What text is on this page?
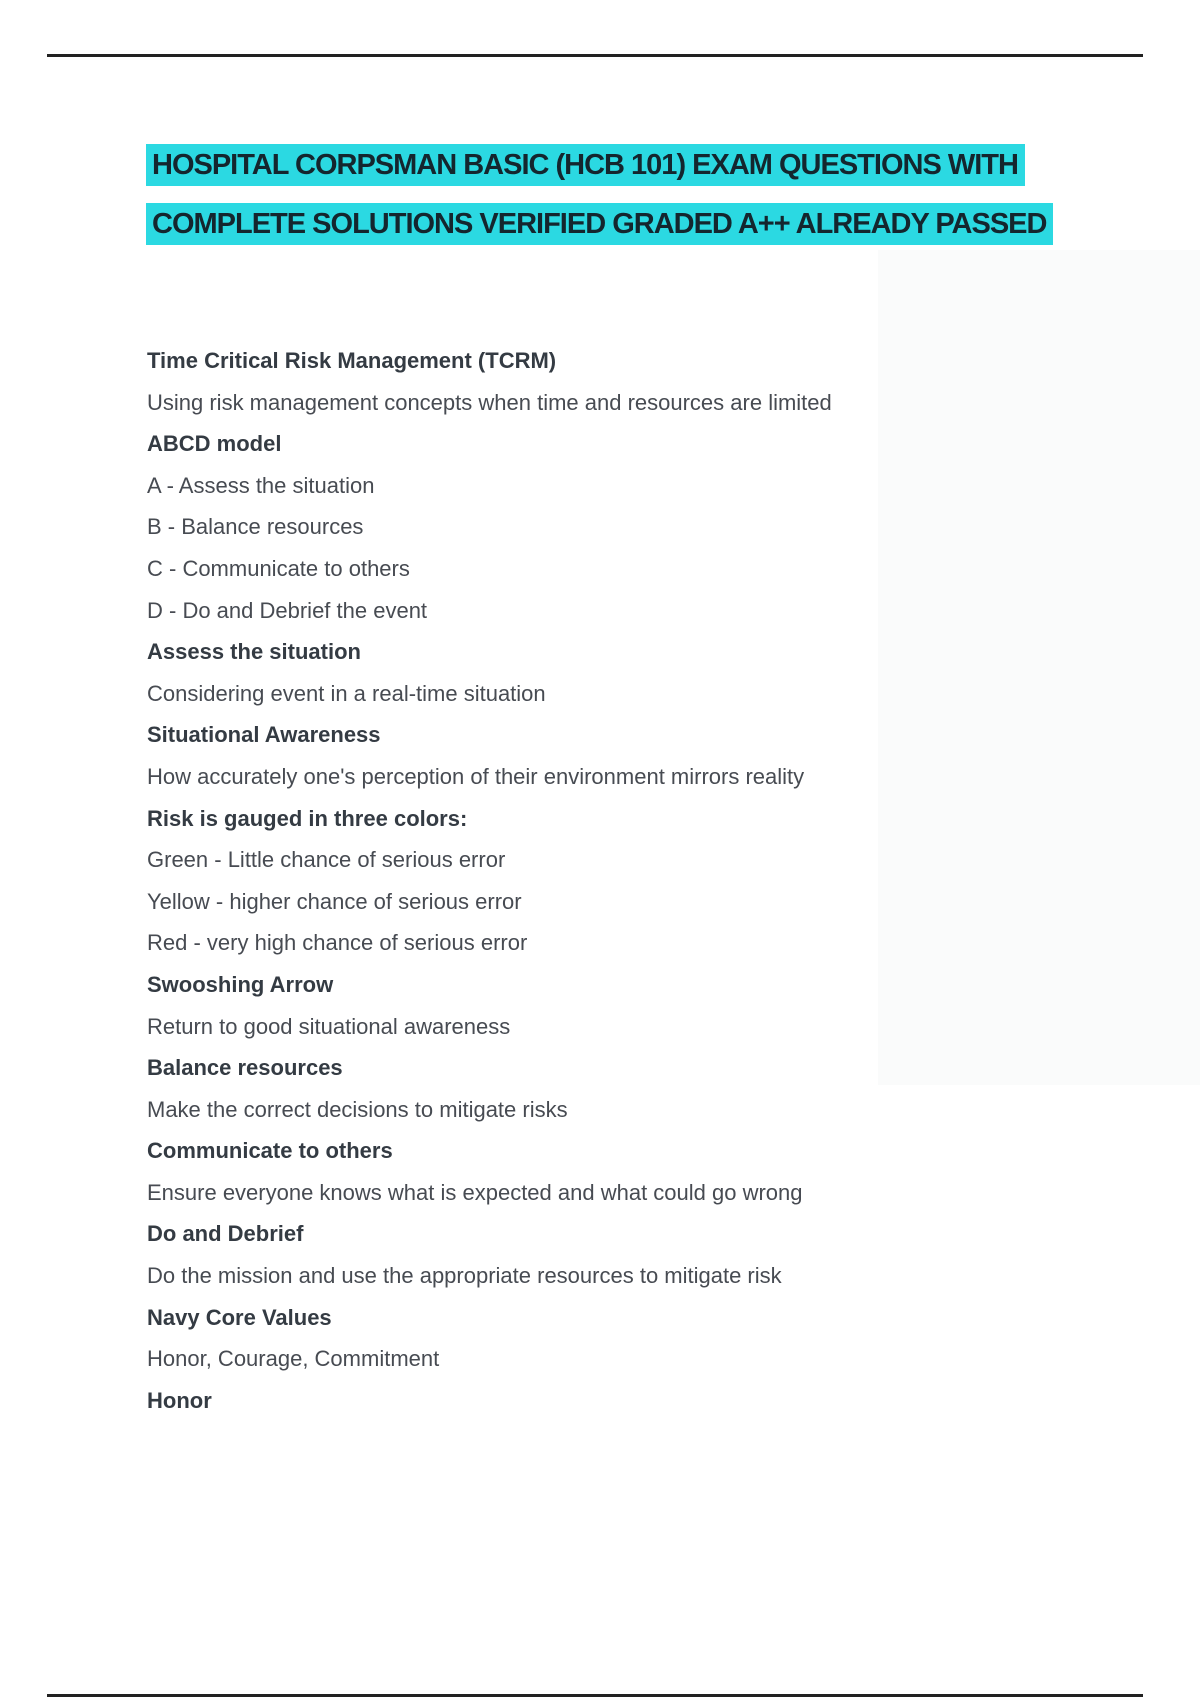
HOSPITAL CORPSMAN BASIC (HCB 101) EXAM QUESTIONS WITH
COMPLETE SOLUTIONS VERIFIED GRADED A++ ALREADY PASSED
Time Critical Risk Management (TCRM)
Using risk management concepts when time and resources are limited
ABCD model
A - Assess the situation
B - Balance resources
C - Communicate to others
D - Do and Debrief the event
Assess the situation
Considering event in a real-time situation
Situational Awareness
How accurately one's perception of their environment mirrors reality
Risk is gauged in three colors:
Green - Little chance of serious error
Yellow - higher chance of serious error
Red - very high chance of serious error
Swooshing Arrow
Return to good situational awareness
Balance resources
Make the correct decisions to mitigate risks
Communicate to others
Ensure everyone knows what is expected and what could go wrong
Do and Debrief
Do the mission and use the appropriate resources to mitigate risk
Navy Core Values
Honor, Courage, Commitment
Honor
